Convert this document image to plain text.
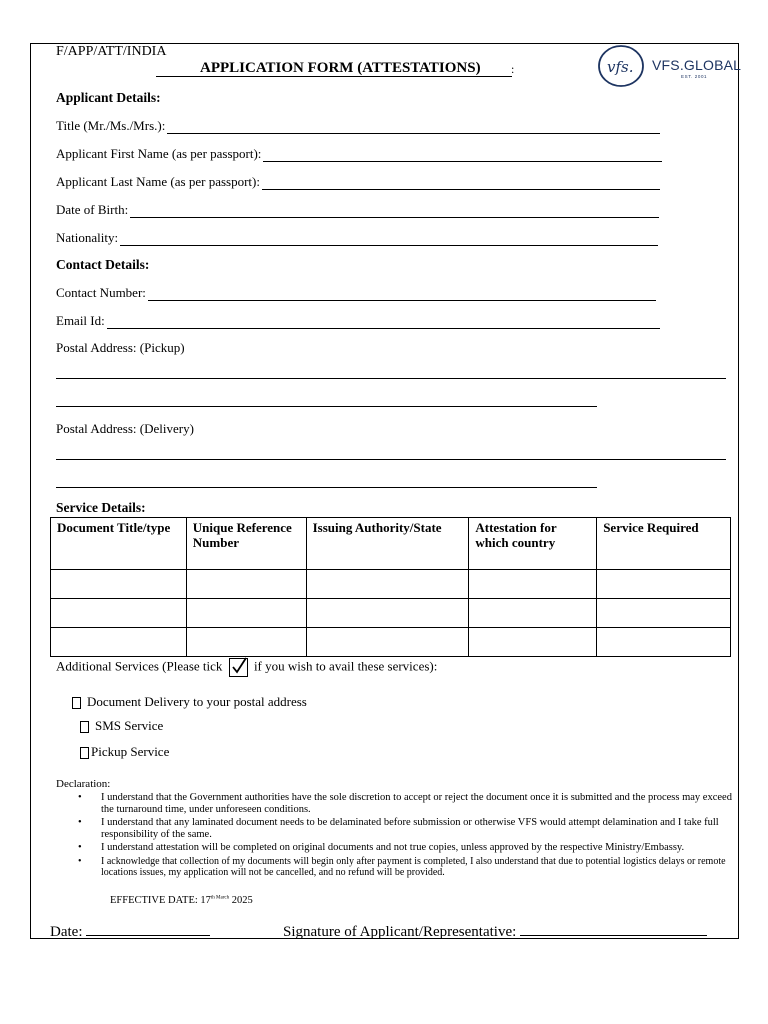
F/APP/ATT/INDIA
APPLICATION FORM (ATTESTATIONS)	:	vfs. VFS.GLOBAL
EST. 2001
Applicant Details:
Title (Mr./Ms./Mrs.):
Applicant First Name (as per passport):
Applicant Last Name (as per passport):
Date of Birth:
Nationality:
Contact Details:
Contact Number:
Email Id:
Postal Address: (Pickup)
Postal Address: (Delivery)
Service Details:
Document Title/type	Unique Reference Number	Issuing Authority/State	Attestation for which country	Service Required

Additional Services (Please tick if you wish to avail these services):
Document Delivery to your postal address
SMS Service
Pickup Service
Declaration:
•	I understand that the Government authorities have the sole discretion to accept or reject the document once it is submitted and the process may exceed the turnaround time, under unforeseen conditions.
•	I understand that any laminated document needs to be delaminated before submission or otherwise VFS would attempt delamination and I take full responsibility of the same.
•	I understand attestation will be completed on original documents and not true copies, unless approved by the respective Ministry/Embassy.
•	I acknowledge that collection of my documents will begin only after payment is completed, I also understand that due to potential logistics delays or remote locations issues, my application will not be cancelled, and no refund will be provided.
EFFECTIVE DATE: $17^{th March}$ 2025
Date:	Signature of Applicant/Representative:
